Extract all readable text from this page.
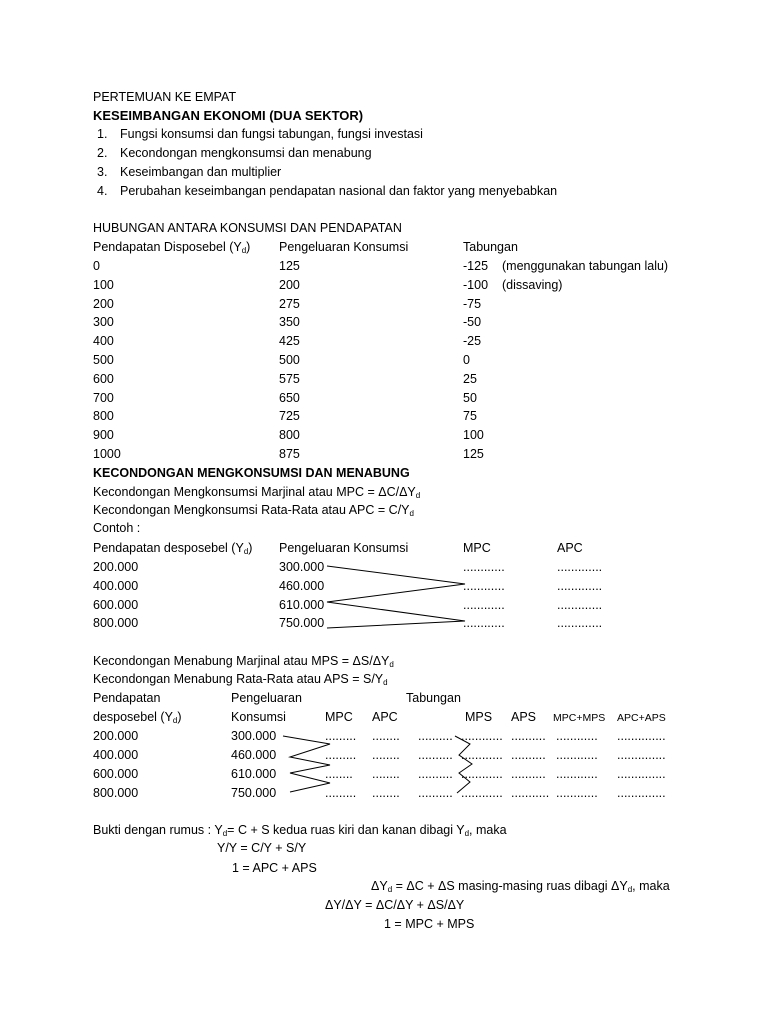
PERTEMUAN KE EMPAT
KESEIMBANGAN EKONOMI (DUA SEKTOR)
1. Fungsi konsumsi dan fungsi tabungan, fungsi investasi
2. Kecondongan mengkonsumsi dan menabung
3. Keseimbangan dan multiplier
4. Perubahan keseimbangan pendapatan nasional dan faktor yang menyebabkan
HUBUNGAN ANTARA KONSUMSI DAN PENDAPATAN
Pendapatan Disposebel $(Y_d)$ Pengeluaran Konsumsi	Tabungan
0	125	-125 (menggunakan tabungan lalu)
100	200	-100 (dissaving)
200	275	-75
300	350	-50
400	425	-25
500	500	0
600	575	25
700	650	50
800	725	75
900	800	100
1000	875	125
KECONDONGAN MENGKONSUMSI DAN MENABUNG
Kecondongan Mengkonsumsi Marjinal atau MPC = $\Delta C/\Delta Y_d$
Kecondongan Mengkonsumsi Rata-Rata atau APC = $C/Y_d$
Contoh :
Pendapatan desposebel $(Y_d)$ Pengeluaran Konsumsi	MPC	APC
200.000	300.000	............	.............
400.000	460.000	............	.............
600.000	610.000	............	.............
800.000	750.000	............	.............
Kecondongan Menabung Marjinal atau MPS = $\Delta S/\Delta Y_d$
Kecondongan Menabung Rata-Rata atau APS = $S/Y_d$
Pendapatan
desposebel $(Y_d)$
Pengeluaran
Konsumsi	MPC APC
Tabungan
MPS APS MPC+MPS APC+APS
200.000	300.000	......... ........ .......... ............ .......... ............ ..............
400.000	460.000	......... ........ .......... ............ .......... ............ ..............
600.000	610.000	........ ........ .......... ............ .......... ............ ..............
800.000	750.000	......... ........ .......... ............ ........... ............ ..............
Bukti dengan rumus : $Y_d= C + S$ kedua ruas kiri dan kanan dibagi $Y_d$, maka
Y/Y = C/Y + S/Y
1 = APC + APS
$\Delta Y_d = \Delta C + \Delta S$ masing-masing ruas dibagi $\Delta Y_d$, maka
ΔY/ΔY = ΔC/ΔY + ΔS/ΔY
1 = MPC + MPS
